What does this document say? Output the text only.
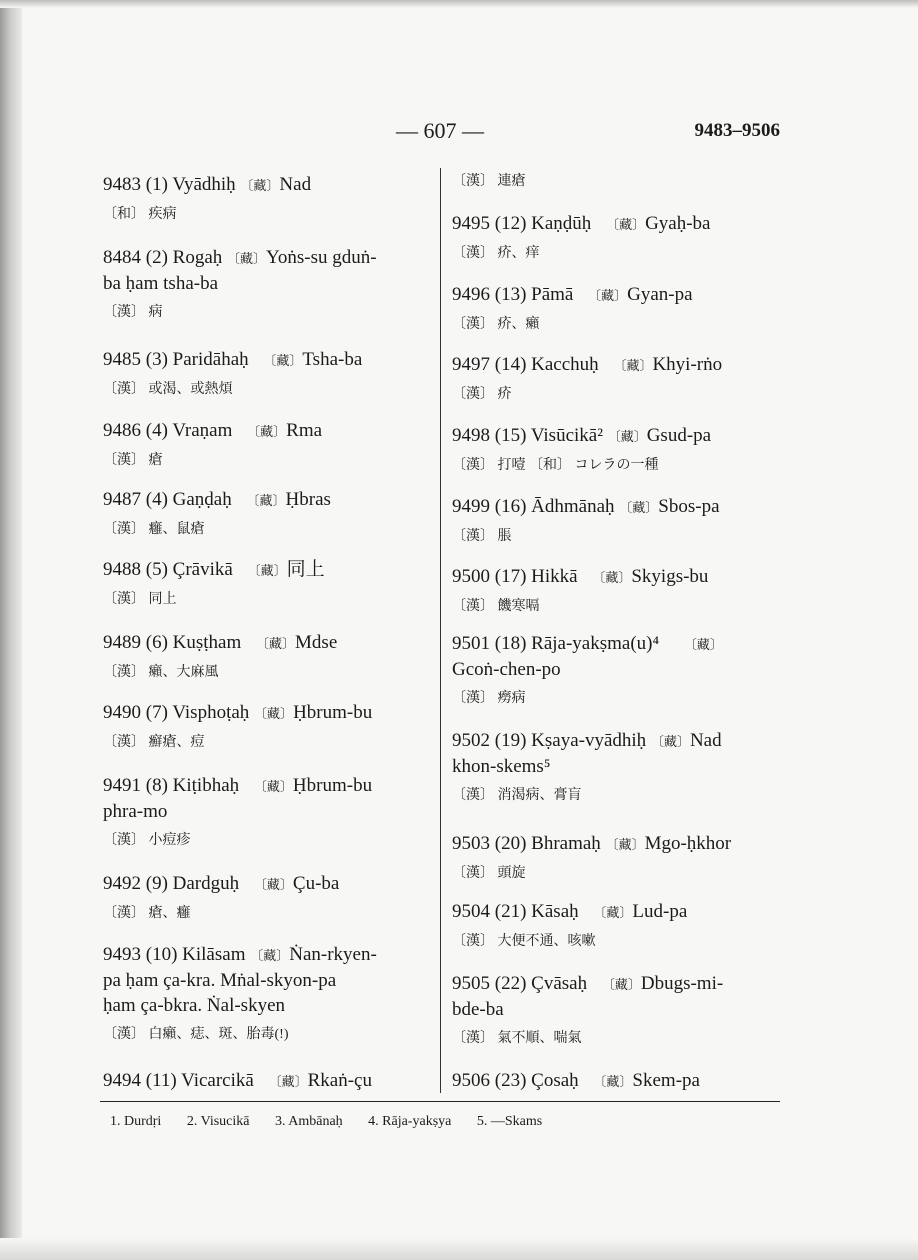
— 607 —	9483–9506
9483 (1) Vyādhiḥ 〔藏〕Nad
〔和〕 疾病
8484 (2) Rogaḥ 〔藏〕Yoṅs-su gduṅ-
ba ḥam tsha-ba
〔漢〕 病
9485 (3) Paridāhaḥ 〔藏〕Tsha-ba
〔漢〕 或渴、或熱煩
9486 (4) Vraṇam 〔藏〕Rma
〔漢〕 瘡
9487 (4) Gaṇḍaḥ 〔藏〕Ḥbras
〔漢〕 癰、鼠瘡
9488 (5) Çrāvikā 〔藏〕同上
〔漢〕 同上
9489 (6) Kuṣṭham 〔藏〕Mdse
〔漢〕 癩、大麻風
9490 (7) Visphoṭaḥ 〔藏〕Ḥbrum-bu
〔漢〕 癬瘡、痘
9491 (8) Kiṭibhaḥ 〔藏〕Ḥbrum-bu
phra-mo
〔漢〕 小痘疹
9492 (9) Dardguḥ 〔藏〕Çu-ba
〔漢〕 瘡、癰
9493 (10) Kilāsam 〔藏〕Ṅan-rkyen-
pa ḥam ça-kra. Mṅal-skyon-pa
ḥam ça-bkra. Ṅal-skyen
〔漢〕 白癩、痣、斑、胎毒(!)
9494 (11) Vicarcikā 〔藏〕Rkaṅ-çu
〔漢〕 連瘡
9495 (12) Kaṇḍūḥ 〔藏〕Gyaḥ-ba
〔漢〕 疥、痒
9496 (13) Pāmā 〔藏〕Gyan-pa
〔漢〕 疥、癩
9497 (14) Kacchuḥ 〔藏〕Khyi-rṅo
〔漢〕 疥
9498 (15) Visūcikā² 〔藏〕Gsud-pa
〔漢〕 打噎 〔和〕 コレラの一種
9499 (16) Ādhmānaḥ 〔藏〕Sbos-pa
〔漢〕 脹
9500 (17) Hikkā 〔藏〕Skyigs-bu
〔漢〕 饑寒嗝
9501 (18) Rāja-yakṣma(u)⁴ 〔藏〕
Gcoṅ-chen-po
〔漢〕 癆病
9502 (19) Kṣaya-vyādhiḥ 〔藏〕Nad
khon-skems⁵
〔漢〕 消渴病、膏肓
9503 (20) Bhramaḥ 〔藏〕Mgo-ḥkhor
〔漢〕 頭旋
9504 (21) Kāsaḥ 〔藏〕Lud-pa
〔漢〕 大便不通、咳嗽
9505 (22) Çvāsaḥ 〔藏〕Dbugs-mi-
bde-ba
〔漢〕 氣不順、喘氣
9506 (23) Çosaḥ 〔藏〕Skem-pa
1. Durdṛi 2. Visucikā 3. Ambānaḥ 4. Rāja-yakṣya 5. —Skams
